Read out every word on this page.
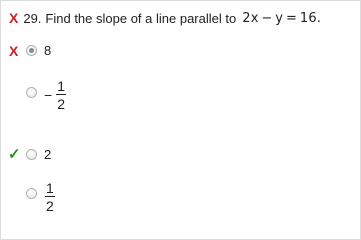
X 29. Find the slope of a line parallel to 2x − y = 16.
X 8
− $\frac{1}{2}$
✓ 2
$\frac{1}{2}$
